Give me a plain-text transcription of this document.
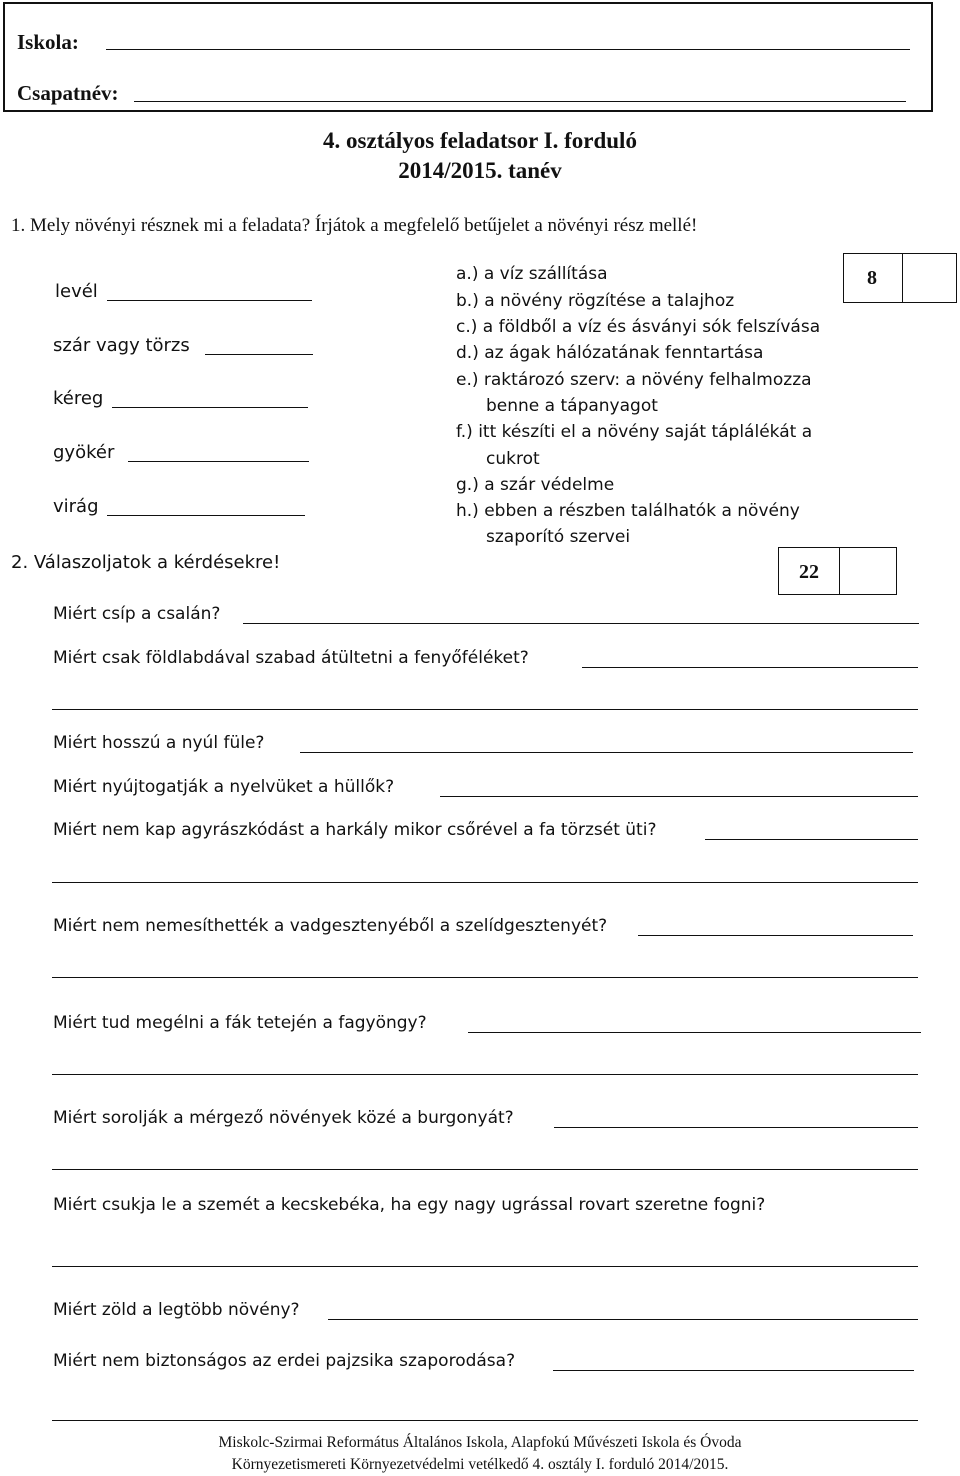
Iskola:
Csapatnév:
4. osztályos feladatsor I. forduló
2014/2015. tanév
1. Mely növényi résznek mi a feladata? Írjátok a megfelelő betűjelet a növényi rész mellé!
levél
szár vagy törzs
kéreg
gyökér
virág
a.) a víz szállítása
b.) a növény rögzítése a talajhoz
c.) a földből a víz és ásványi sók felszívása
d.) az ágak hálózatának fenntartása
e.) raktározó szerv: a növény felhalmozza
benne a tápanyagot
f.) itt készíti el a növény saját táplálékát a
cukrot
g.) a szár védelme
h.) ebben a részben találhatók a növény
szaporító szervei
8
2. Válaszoljatok a kérdésekre!	22
Miért csíp a csalán?
Miért csak földlabdával szabad átültetni a fenyőféléket?
Miért hosszú a nyúl füle?
Miért nyújtogatják a nyelvüket a hüllők?
Miért nem kap agyrászkódást a harkály mikor csőrével a fa törzsét üti?
Miért nem nemesíthették a vadgesztenyéből a szelídgesztenyét?
Miért tud megélni a fák tetején a fagyöngy?
Miért sorolják a mérgező növények közé a burgonyát?
Miért csukja le a szemét a kecskebéka, ha egy nagy ugrással rovart szeretne fogni?
Miért zöld a legtöbb növény?
Miért nem biztonságos az erdei pajzsika szaporodása?
Miskolc-Szirmai Református Általános Iskola, Alapfokú Művészeti Iskola és Óvoda
Környezetismereti Környezetvédelmi vetélkedő 4. osztály I. forduló 2014/2015.
